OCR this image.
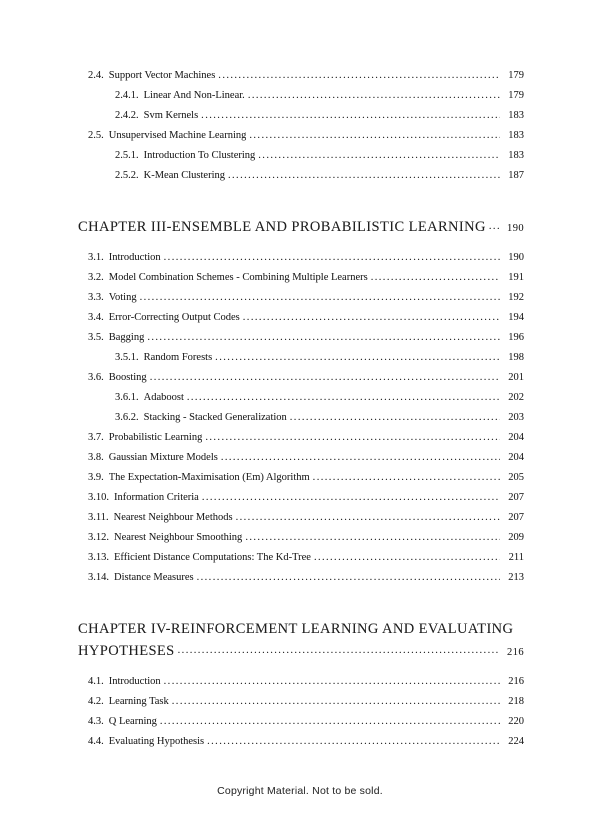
2.4. Support Vector Machines .....	179
2.4.1. Linear And Non-Linear. .....	179
2.4.2. Svm Kernels .....	183
2.5. Unsupervised Machine Learning .....	183
2.5.1. Introduction To Clustering .....	183
2.5.2. K-Mean Clustering .....	187
CHAPTER III-ENSEMBLE AND PROBABILISTIC LEARNING ..... 190
3.1. Introduction .....	190
3.2. Model Combination Schemes - Combining Multiple Learners .....	191
3.3. Voting .....	192
3.4. Error-Correcting Output Codes .....	194
3.5. Bagging .....	196
3.5.1. Random Forests .....	198
3.6. Boosting .....	201
3.6.1. Adaboost .....	202
3.6.2. Stacking - Stacked Generalization .....	203
3.7. Probabilistic Learning .....	204
3.8. Gaussian Mixture Models .....	204
3.9. The Expectation-Maximisation (Em) Algorithm .....	205
3.10. Information Criteria .....	207
3.11. Nearest Neighbour Methods .....	207
3.12. Nearest Neighbour Smoothing .....	209
3.13. Efficient Distance Computations: The Kd-Tree .....	211
3.14. Distance Measures .....	213
CHAPTER IV-REINFORCEMENT LEARNING AND EVALUATING
HYPOTHESES .....	216
4.1. Introduction .....	216
4.2. Learning Task .....	218
4.3. Q Learning .....	220
4.4. Evaluating Hypothesis .....	224
Copyright Material. Not to be sold.
